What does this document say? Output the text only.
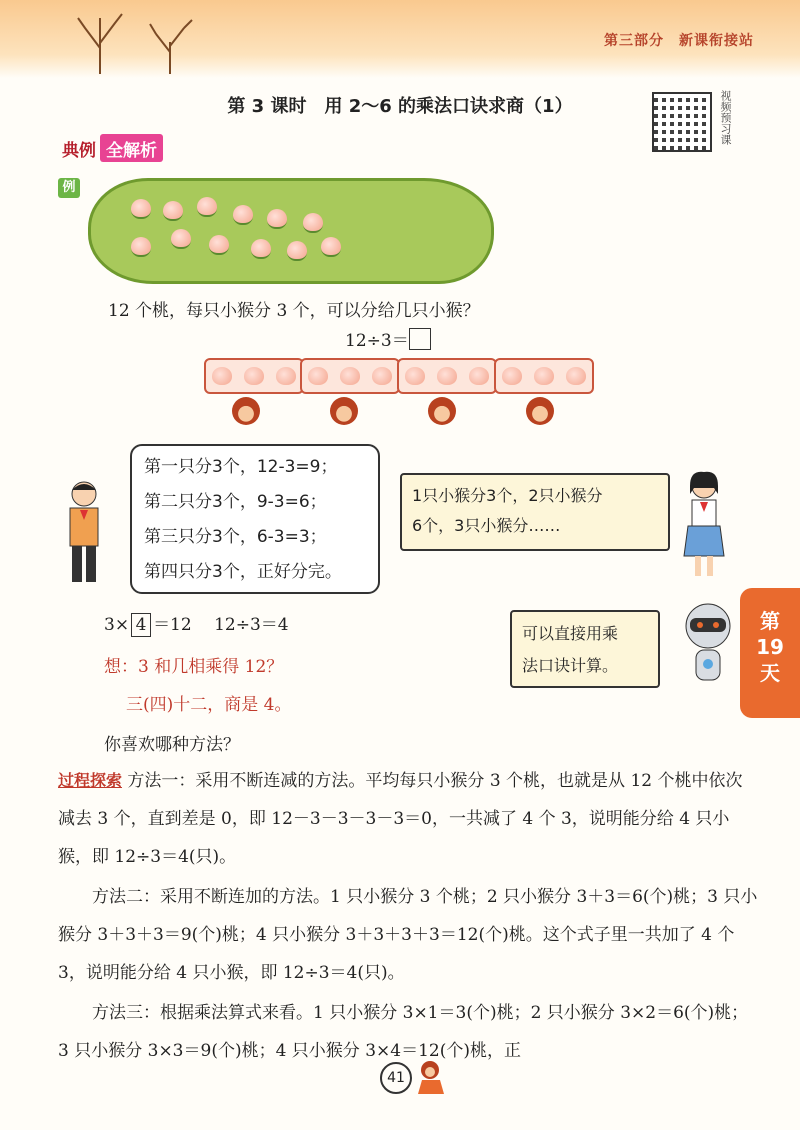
第三部分　新课衔接站
第 3 课时　用 2～6 的乘法口诀求商（1）	视频预习课
典例 全解析
例
12 个桃，每只小猴分 3 个，可以分给几只小猴？
12÷3＝
第一只分3个，12-3=9；
第二只分3个，9-3=6；
第三只分3个，6-3=3；
第四只分3个，正好分完。
1只小猴分3个，2只小猴分
6个，3只小猴分……
可以直接用乘
法口诀计算。
第
19
天
3× 4 ＝12　 12÷3＝4
想：3 和几相乘得 12？
三(四)十二，商是 4。
你喜欢哪种方法？
过程探索 方法一：采用不断连减的方法。平均每只小猴分 3 个桃，也就是从 12 个桃中依次减去 3 个，直到差是 0，即 12－3－3－3－3＝0，一共减了 4 个 3，说明能分给 4 只小猴，即 12÷3＝4(只)。
方法二：采用不断连加的方法。1 只小猴分 3 个桃；2 只小猴分 3＋3＝6(个)桃；3 只小猴分 3＋3＋3＝9(个)桃；4 只小猴分 3＋3＋3＋3＝12(个)桃。这个式子里一共加了 4 个 3，说明能分给 4 只小猴，即 12÷3＝4(只)。
方法三：根据乘法算式来看。1 只小猴分 3×1＝3(个)桃；2 只小猴分 3×2＝6(个)桃；3 只小猴分 3×3＝9(个)桃；4 只小猴分 3×4＝12(个)桃，正
41
